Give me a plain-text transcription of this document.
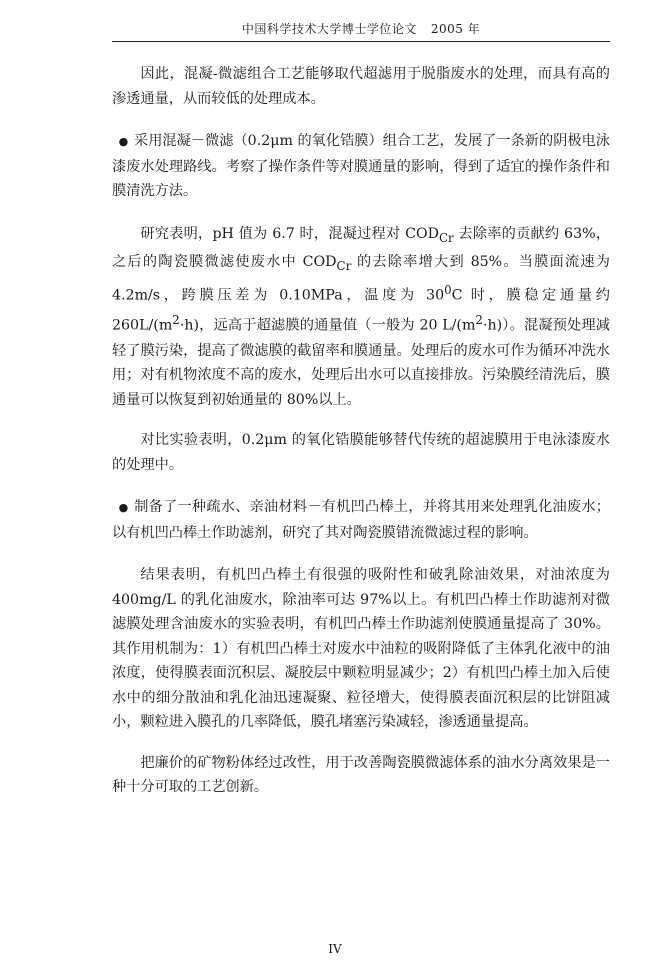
中国科学技术大学博士学位论文 2005 年

因此，混凝-微滤组合工艺能够取代超滤用于脱脂废水的处理，而具有高的渗透通量，从而较低的处理成本。

● 采用混凝－微滤（0.2μm 的氧化锆膜）组合工艺，发展了一条新的阴极电泳漆废水处理路线。考察了操作条件等对膜通量的影响，得到了适宜的操作条件和膜清洗方法。

研究表明，pH 值为 6.7 时，混凝过程对 $COD_{Cr}$ 去除率的贡献约 63%，之后的陶瓷膜微滤使废水中 $COD_{Cr}$ 的去除率增大到 85%。当膜面流速为 4.2m/s，跨膜压差为 0.10MPa，温度为 $30^0C$ 时，膜稳定通量约 $260L/(m^2\cdot h)$，远高于超滤膜的通量值（一般为 20 $L/(m^2\cdot h)$）。混凝预处理减轻了膜污染，提高了微滤膜的截留率和膜通量。处理后的废水可作为循环冲洗水用；对有机物浓度不高的废水，处理后出水可以直接排放。污染膜经清洗后，膜通量可以恢复到初始通量的 80%以上。

对比实验表明，0.2μm 的氧化锆膜能够替代传统的超滤膜用于电泳漆废水的处理中。

● 制备了一种疏水、亲油材料－有机凹凸棒土，并将其用来处理乳化油废水；以有机凹凸棒土作助滤剂，研究了其对陶瓷膜错流微滤过程的影响。

结果表明，有机凹凸棒土有很强的吸附性和破乳除油效果，对油浓度为 400mg/L 的乳化油废水，除油率可达 97%以上。有机凹凸棒土作助滤剂对微滤膜处理含油废水的实验表明，有机凹凸棒土作助滤剂使膜通量提高了 30%。其作用机制为：1）有机凹凸棒土对废水中油粒的吸附降低了主体乳化液中的油浓度，使得膜表面沉积层、凝胶层中颗粒明显减少；2）有机凹凸棒土加入后使水中的细分散油和乳化油迅速凝聚、粒径增大，使得膜表面沉积层的比饼阻减小，颗粒进入膜孔的几率降低，膜孔堵塞污染减轻，渗透通量提高。

把廉价的矿物粉体经过改性，用于改善陶瓷膜微滤体系的油水分离效果是一种十分可取的工艺创新。

IV
